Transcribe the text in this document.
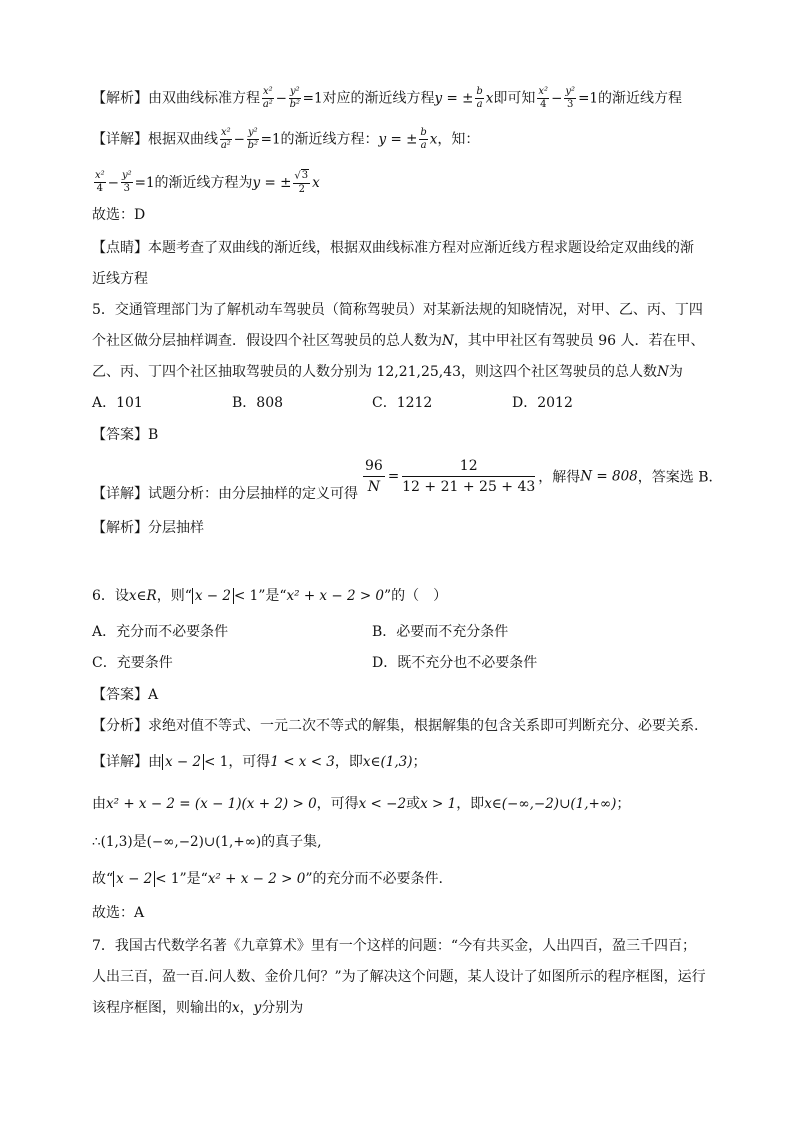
【解析】由双曲线标准方程 $\frac{\text{x²}}{\text{a²}} - \frac{\text{y²}}{\text{b²}} =1$对应的渐近线方程y = ± $\frac{b}{a}$ x即可知 $\frac{\text{x²}}{4} - \frac{\text{y²}}{3} =1$的渐近线方程
【详解】根据双曲线 $\frac{\text{x²}}{\text{a²}} - \frac{\text{y²}}{\text{b²}} =1$的渐近线方程：y = ± $\frac{b}{a}$ x，知：
$\frac{\text{x²}}{4} - \frac{\text{y²}}{3} =1$的渐近线方程为y = ± $\frac{√3}{2}$ x
故选：D
【点睛】本题考查了双曲线的渐近线，根据双曲线标准方程对应渐近线方程求题设给定双曲线的渐
近线方程
5．交通管理部门为了解机动车驾驶员（简称驾驶员）对某新法规的知晓情况，对甲、乙、丙、丁四
个社区做分层抽样调查．假设四个社区驾驶员的总人数为N，其中甲社区有驾驶员 96 人．若在甲、
乙、丙、丁四个社区抽取驾驶员的人数分别为 12,21,25,43，则这四个社区驾驶员的总人数N为
A．101	B．808	C．1212	D．2012
【答案】B
【详解】试题分析：由分层抽样的定义可得 $\frac{96}{N} = \frac{12}{12 + 21 + 25 + 43}$ ，解得N = 808，答案选 B．
【解析】分层抽样
6．设x∈R，则“ x − 2 < 1”是“x² + x − 2 > 0”的（　）
A．充分而不必要条件	B．必要而不充分条件
C．充要条件	D．既不充分也不必要条件
【答案】A
【分析】求绝对值不等式、一元二次不等式的解集，根据解集的包含关系即可判断充分、必要关系.
【详解】由 x − 2 < 1，可得1 < x < 3，即x∈(1,3)；
由x² + x − 2 = (x − 1)(x + 2) > 0，可得x < −2或x > 1，即x∈(−∞,−2)∪(1,+∞)；
∴(1,3)是(−∞,−2)∪(1,+∞)的真子集,
故“ x − 2 < 1”是“x² + x − 2 > 0”的充分而不必要条件.
故选：A
7．我国古代数学名著《九章算术》里有一个这样的问题：“今有共买金，人出四百，盈三千四百；
人出三百，盈一百.问人数、金价几何？”为了解决这个问题，某人设计了如图所示的程序框图，运行
该程序框图，则输出的x，y分别为
